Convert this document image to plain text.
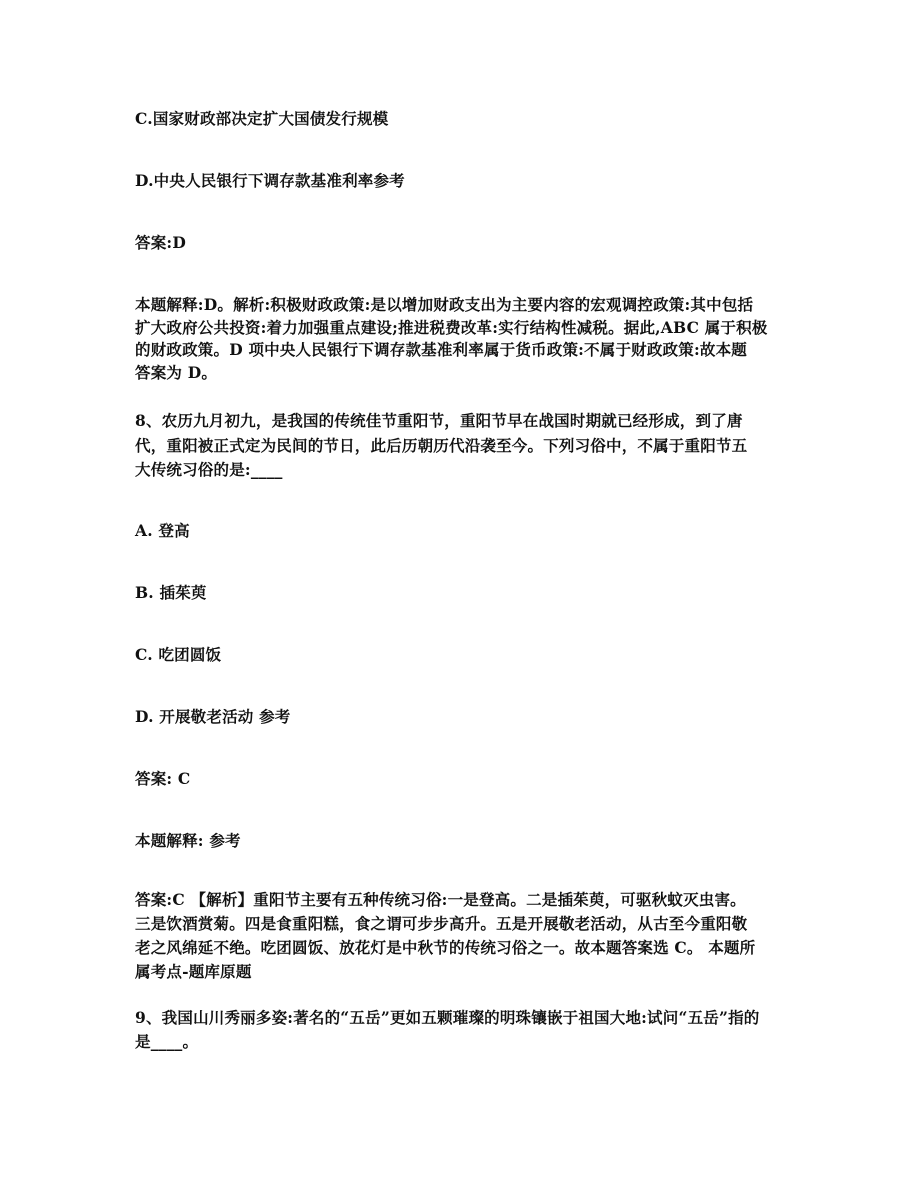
C.国家财政部决定扩大国债发行规模
D.中央人民银行下调存款基准利率参考
答案:D
本题解释:D。解析:积极财政政策:是以增加财政支出为主要内容的宏观调控政策:其中包括
扩大政府公共投资:着力加强重点建设;推进税费改革:实行结构性减税。据此,ABC 属于积极
的财政政策。D 项中央人民银行下调存款基准利率属于货币政策:不属于财政政策:故本题
答案为 D。
8、农历九月初九，是我国的传统佳节重阳节，重阳节早在战国时期就已经形成，到了唐
代，重阳被正式定为民间的节日，此后历朝历代沿袭至今。下列习俗中，不属于重阳节五
大传统习俗的是:____
A. 登高
B. 插茱萸
C. 吃团圆饭
D. 开展敬老活动 参考
答案: C
本题解释: 参考
答案:C 【解析】重阳节主要有五种传统习俗:一是登高。二是插茱萸，可驱秋蚊灭虫害。
三是饮酒赏菊。四是食重阳糕，食之谓可步步高升。五是开展敬老活动，从古至今重阳敬
老之风绵延不绝。吃团圆饭、放花灯是中秋节的传统习俗之一。故本题答案选 C。 本题所
属考点-题库原题
9、我国山川秀丽多姿:著名的“五岳”更如五颗璀璨的明珠镶嵌于祖国大地:试问“五岳”指的
是____。
